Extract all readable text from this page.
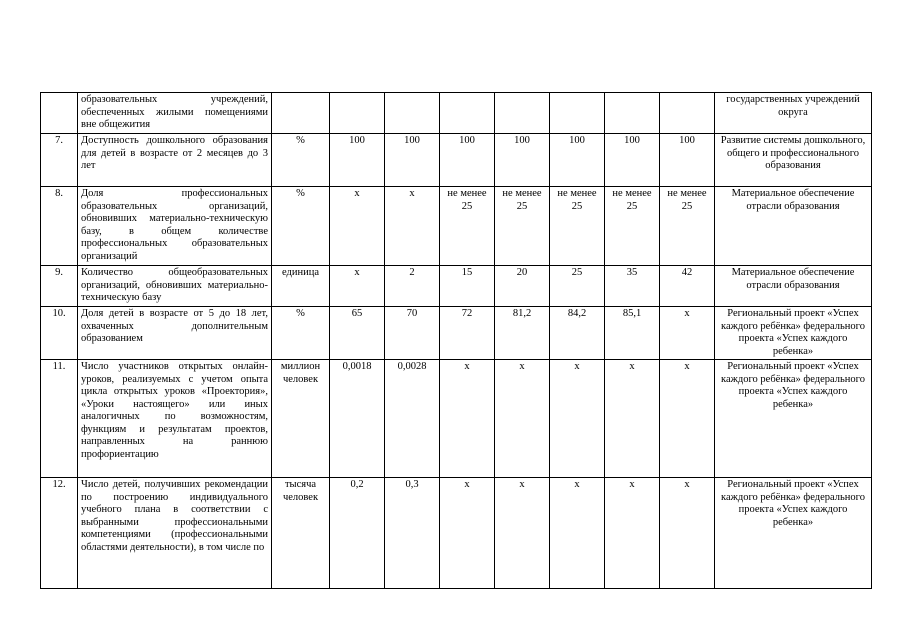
	образовательных учреждений, обеспеченных жилыми помещениями вне общежития									государственных учреждений округа
7.	Доступность дошкольного образования для детей в возрасте от 2 месяцев до 3 лет	%	100	100	100	100	100	100	100	Развитие системы дошкольного, общего и профессионального образования
8.	Доля профессиональных образовательных организаций, обновивших материально-техническую базу, в общем количестве профессиональных образовательных организаций	%	х	х	не менее 25	не менее 25	не менее 25	не менее 25	не менее 25	Материальное обеспечение отрасли образования
9.	Количество общеобразовательных организаций, обновивших материально-техническую базу	единица	х	2	15	20	25	35	42	Материальное обеспечение отрасли образования
10.	Доля детей в возрасте от 5 до 18 лет, охваченных дополнительным образованием	%	65	70	72	81,2	84,2	85,1	х	Региональный проект «Успех каждого ребёнка» федерального проекта «Успех каждого ребенка»
11.	Число участников открытых онлайн-уроков, реализуемых с учетом опыта цикла открытых уроков «Проектория», «Уроки настоящего» или иных аналогичных по возможностям, функциям и результатам проектов, направленных на раннюю профориентацию	миллион человек	0,0018	0,0028	х	х	х	х	х	Региональный проект «Успех каждого ребёнка» федерального проекта «Успех каждого ребенка»
12.	Число детей, получивших рекомендации по построению индивидуального учебного плана в соответствии с выбранными профессиональными компетенциями (профессиональными областями деятельности), в том числе по	тысяча человек	0,2	0,3	х	х	х	х	х	Региональный проект «Успех каждого ребёнка» федерального проекта «Успех каждого ребенка»
